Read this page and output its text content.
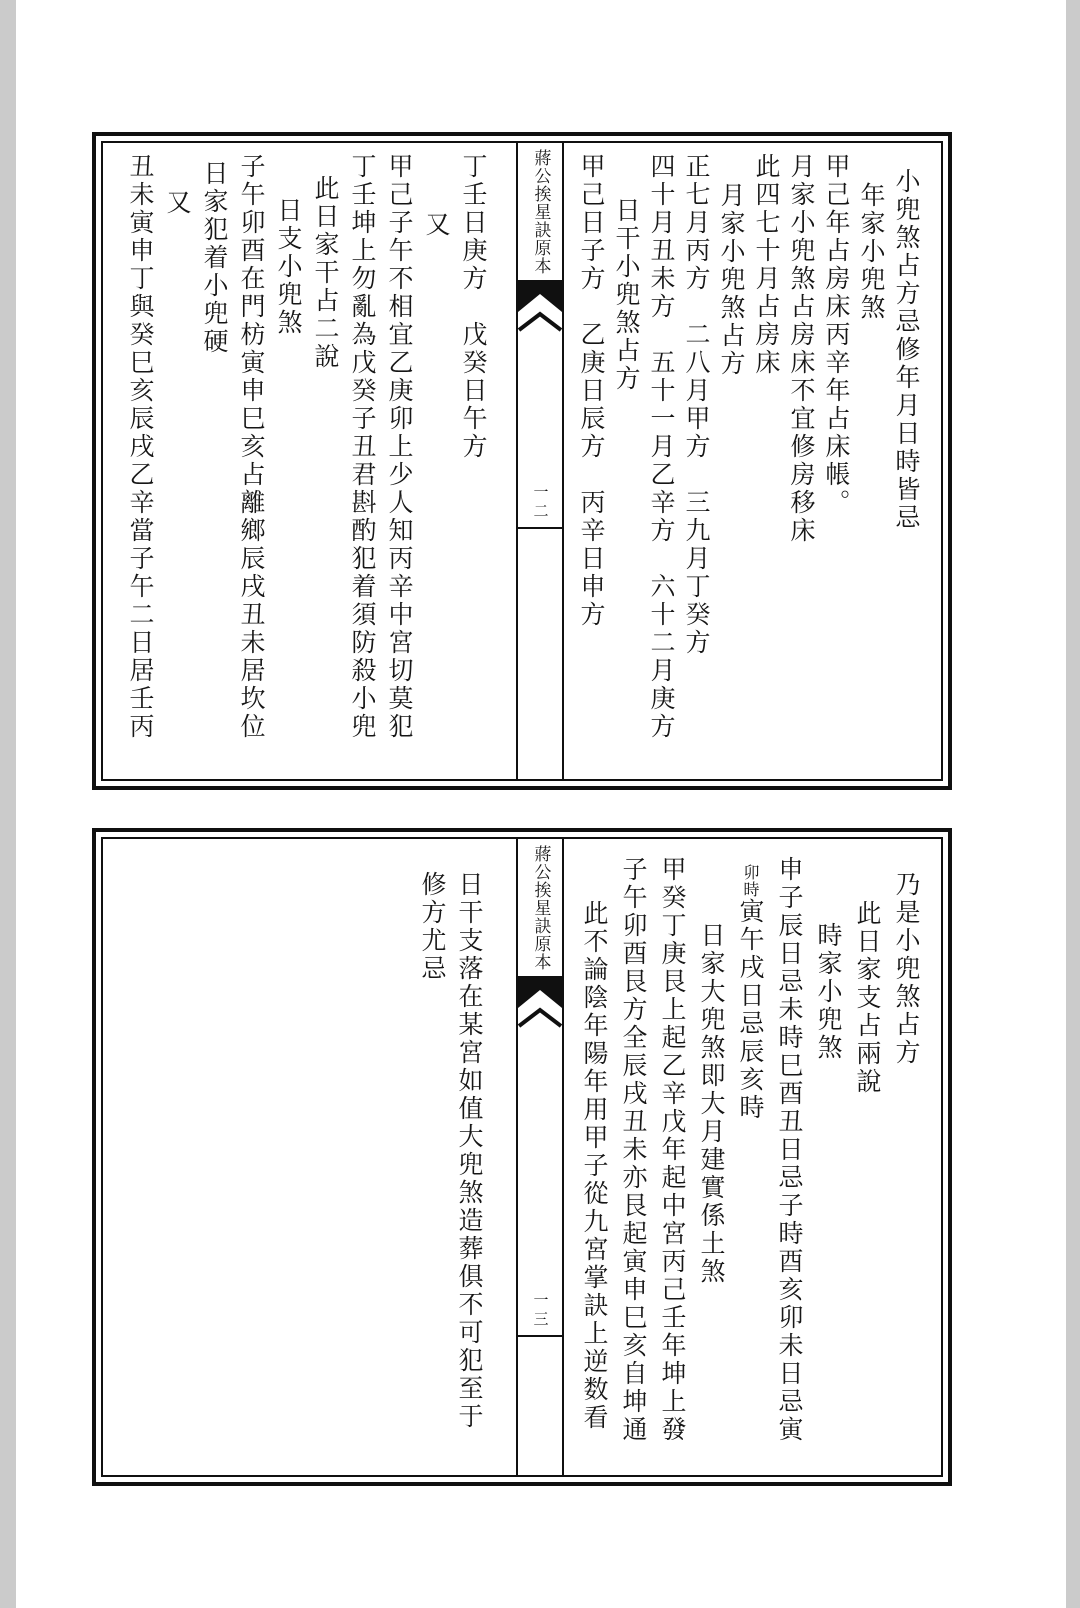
丁壬日庚方　戊癸日午方
又
甲己子午不相宜乙庚卯上少人知丙辛中宮切莫犯
丁壬坤上勿亂為戊癸子丑君斟酌犯着須防殺小兜
此日家干占二說
日支小兜煞
子午卯酉在門枋寅申巳亥占離鄉辰戌丑未居坎位
日家犯着小兜硬
又
丑未寅申丁與癸巳亥辰戌乙辛當子午二日居壬丙	蔣公挨星訣原本
一二	小兜煞占方忌修年月日時皆忌
年家小兜煞
甲己年占房床丙辛年占床帳。
月家小兜煞占房床不宜修房移床
此四七十月占房床
月家小兜煞占方
正七月丙方　二八月甲方　三九月丁癸方
四十月丑未方　五十一月乙辛方　六十二月庚方
日干小兜煞占方
甲己日子方　乙庚日辰方　丙辛日申方
日干支落在某宮如值大兜煞造葬俱不可犯至于
修方尤忌	蔣公挨星訣原本
一三
乃是小兜煞占方
此日家支占兩說
時家小兜煞
申子辰日忌未時巳酉丑日忌子時酉亥卯未日忌寅
卯時寅午戌日忌辰亥時
日家大兜煞即大月建實係土煞
甲癸丁庚艮上起乙辛戊年起中宮丙己壬年坤上發
子午卯酉艮方全辰戌丑未亦艮起寅申巳亥自坤通
此不論陰年陽年用甲子從九宮掌訣上逆数看
